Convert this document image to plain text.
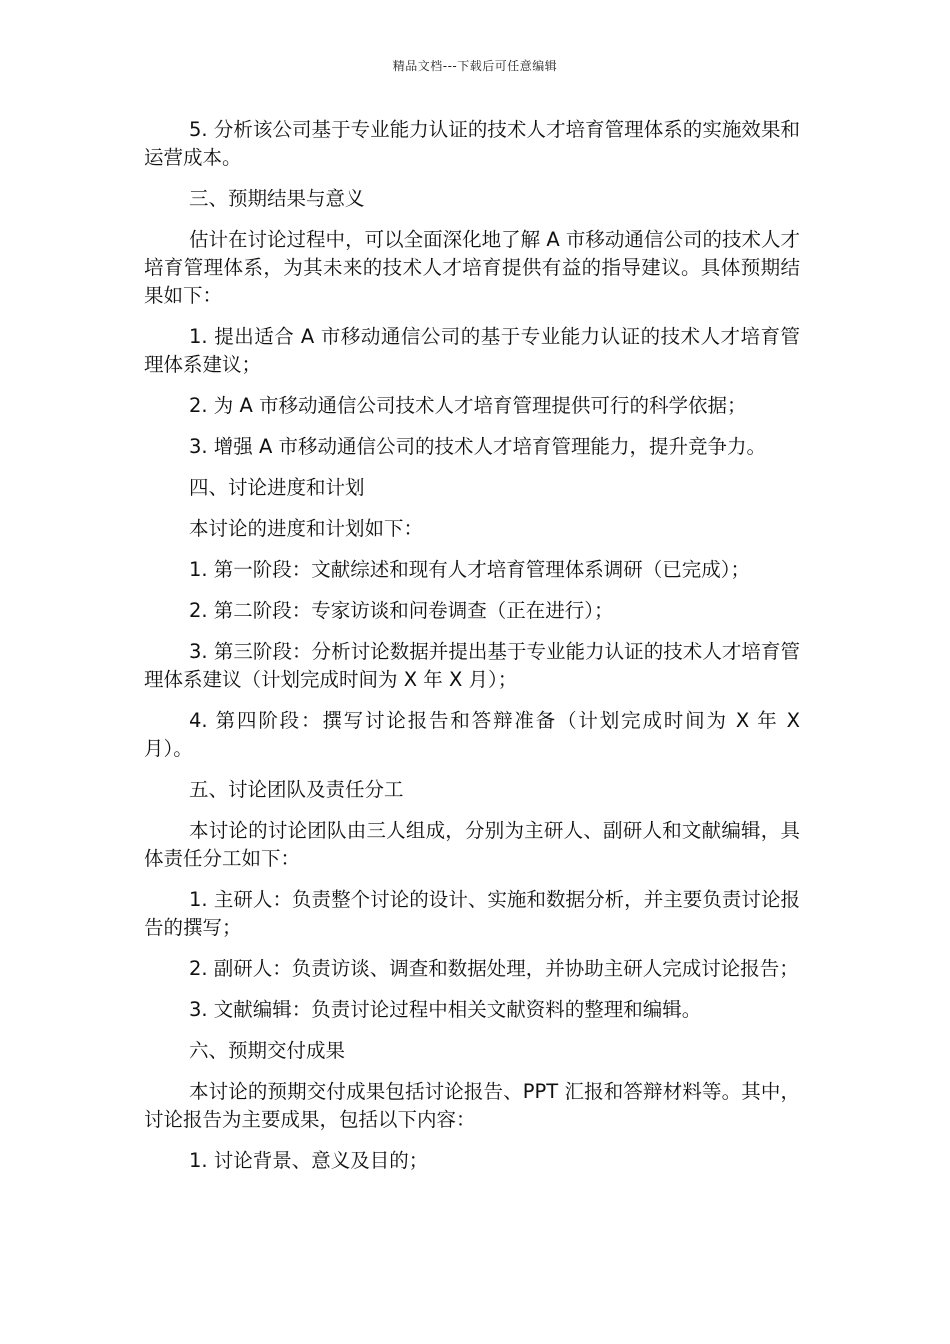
精品文档---下载后可任意编辑

5. 分析该公司基于专业能力认证的技术人才培育管理体系的实施效果和运营成本。

三、预期结果与意义

估计在讨论过程中，可以全面深化地了解 A 市移动通信公司的技术人才培育管理体系，为其未来的技术人才培育提供有益的指导建议。具体预期结果如下：

1. 提出适合 A 市移动通信公司的基于专业能力认证的技术人才培育管理体系建议；

2. 为 A 市移动通信公司技术人才培育管理提供可行的科学依据；

3. 增强 A 市移动通信公司的技术人才培育管理能力，提升竞争力。

四、讨论进度和计划

本讨论的进度和计划如下：

1. 第一阶段：文献综述和现有人才培育管理体系调研（已完成）；

2. 第二阶段：专家访谈和问卷调查（正在进行）；

3. 第三阶段：分析讨论数据并提出基于专业能力认证的技术人才培育管理体系建议（计划完成时间为 X 年 X 月）；

4. 第四阶段：撰写讨论报告和答辩准备（计划完成时间为 X 年 X 月）。

五、讨论团队及责任分工

本讨论的讨论团队由三人组成，分别为主研人、副研人和文献编辑，具体责任分工如下：

1. 主研人：负责整个讨论的设计、实施和数据分析，并主要负责讨论报告的撰写；

2. 副研人：负责访谈、调查和数据处理，并协助主研人完成讨论报告；

3. 文献编辑：负责讨论过程中相关文献资料的整理和编辑。

六、预期交付成果

本讨论的预期交付成果包括讨论报告、PPT 汇报和答辩材料等。其中，讨论报告为主要成果，包括以下内容：

1. 讨论背景、意义及目的；
